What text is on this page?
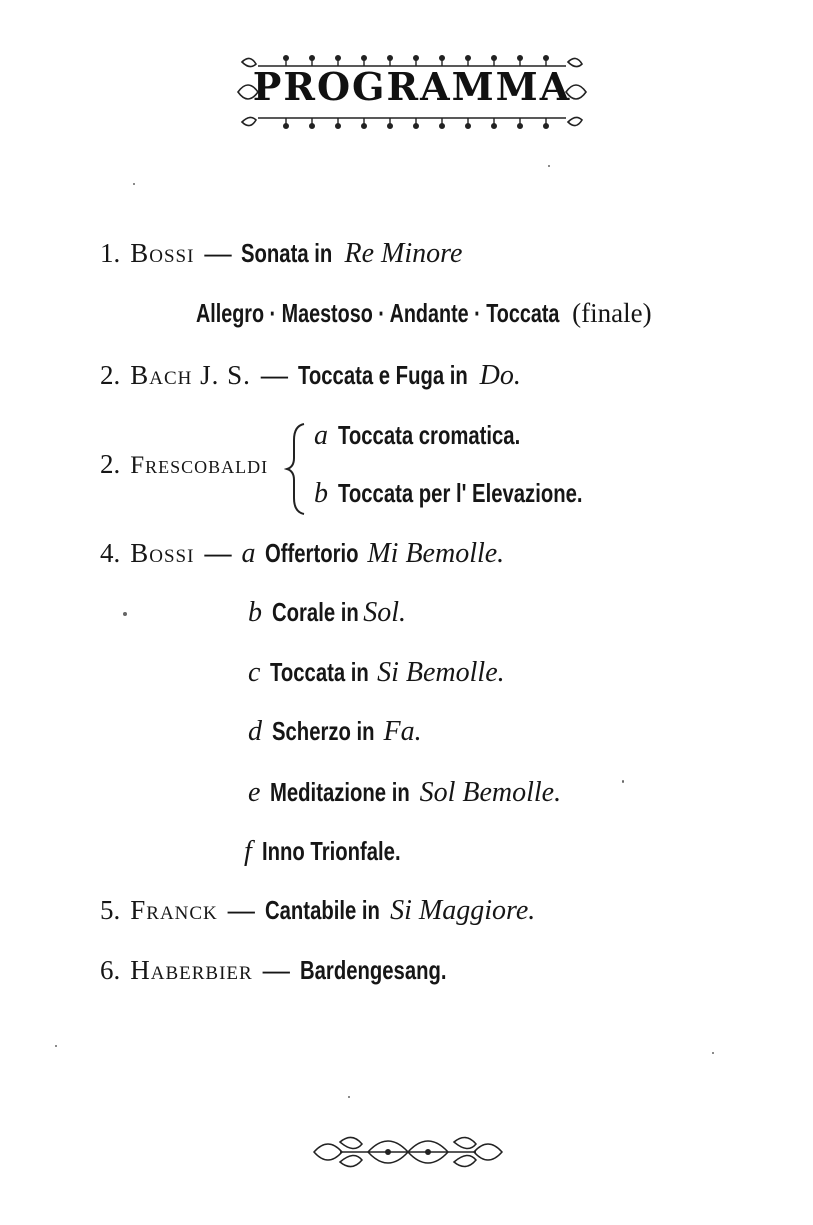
PROGRAMMA
1. Bossi — Sonata in Re Minore
Allegro · Maestoso · Andante · Toccata (finale)
2. Bach J. S. — Toccata e Fuga in Do.
2. Frescobaldi
a Toccata cromatica.
b Toccata per l' Elevazione.
4. Bossi — a Offertorio Mi Bemolle.
b Corale in Sol.
c Toccata in Si Bemolle.
d Scherzo in Fa.
e Meditazione in Sol Bemolle.
f Inno Trionfale.
5. Franck — Cantabile in Si Maggiore.
6. Haberbier — Bardengesang.
